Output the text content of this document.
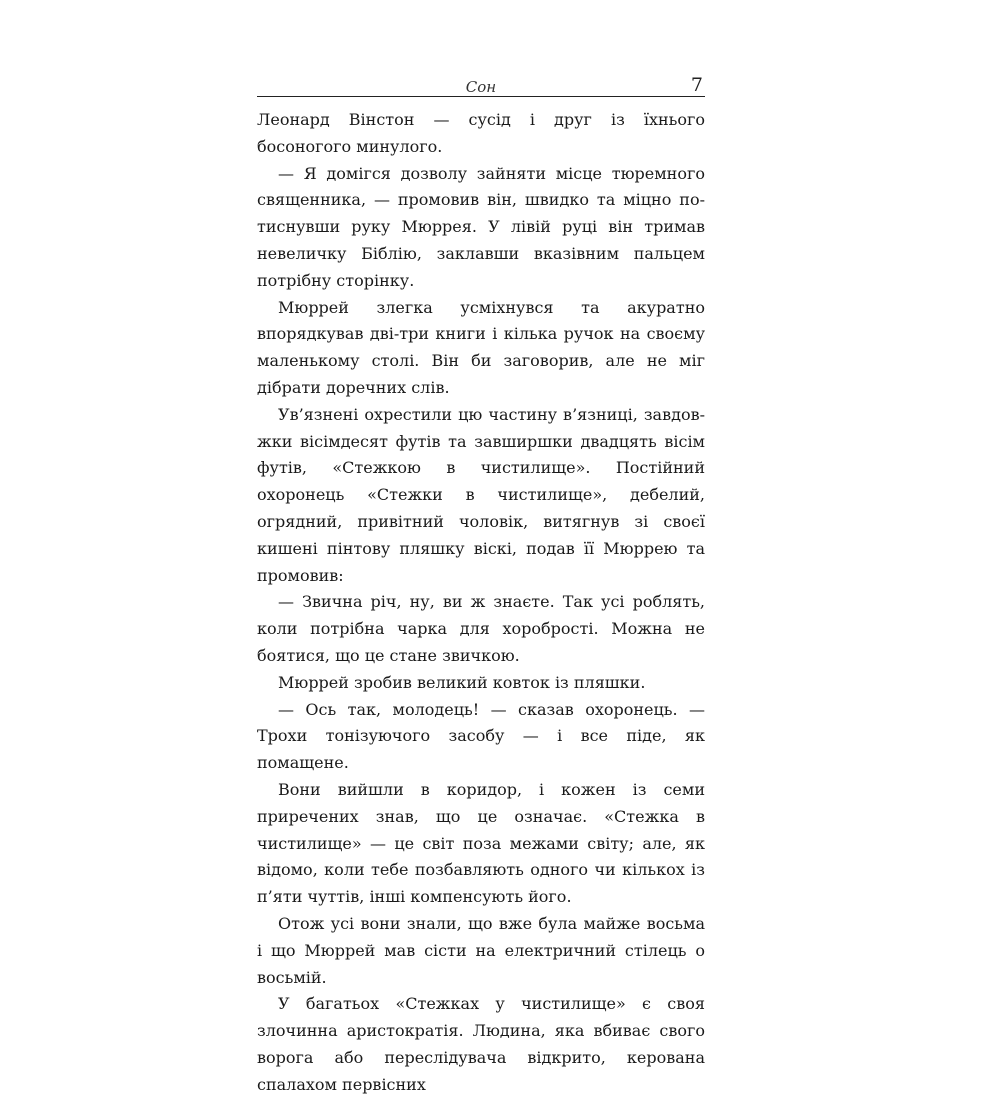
Сон	7

Леонард Вінстон — сусід і друг із їхнього босоногого минулого.

— Я домігся дозволу зайняти місце тюремного священника, — промовив він, швидко та міцно потиснувши руку Мюррея. У лівій руці він тримав невеличку Біблію, заклавши вказівним пальцем потрібну сторінку.

Мюррей злегка усміхнувся та акуратно впорядкував дві-три книги і кілька ручок на своєму маленькому столі. Він би заговорив, але не міг дібрати доречних слів.

Ув’язнені охрестили цю частину в’язниці, завдовжки вісімдесят футів та завширшки двадцять вісім футів, «Стежкою в чистилище». Постійний охоронець «Стежки в чистилище», дебелий, огрядний, привітний чоловік, витягнув зі своєї кишені пінтову пляшку віскі, подав її Мюррею та промовив:

— Звична річ, ну, ви ж знаєте. Так усі роблять, коли потрібна чарка для хоробрості. Можна не боятися, що це стане звичкою.

Мюррей зробив великий ковток із пляшки.

— Ось так, молодець! — сказав охоронець. — Трохи тонізуючого засобу — і все піде, як помащене.

Вони вийшли в коридор, і кожен із семи приречених знав, що це означає. «Стежка в чистилище» — це світ поза межами світу; але, як відомо, коли тебе позбавляють одного чи кількох із п’яти чуттів, інші компенсують його.

Отож усі вони знали, що вже була майже восьма і що Мюррей мав сісти на електричний стілець о восьмій.

У багатьох «Стежках у чистилище» є своя злочинна аристократія. Людина, яка вбиває свого ворога або переслідувача відкрито, керована спалахом первісних
